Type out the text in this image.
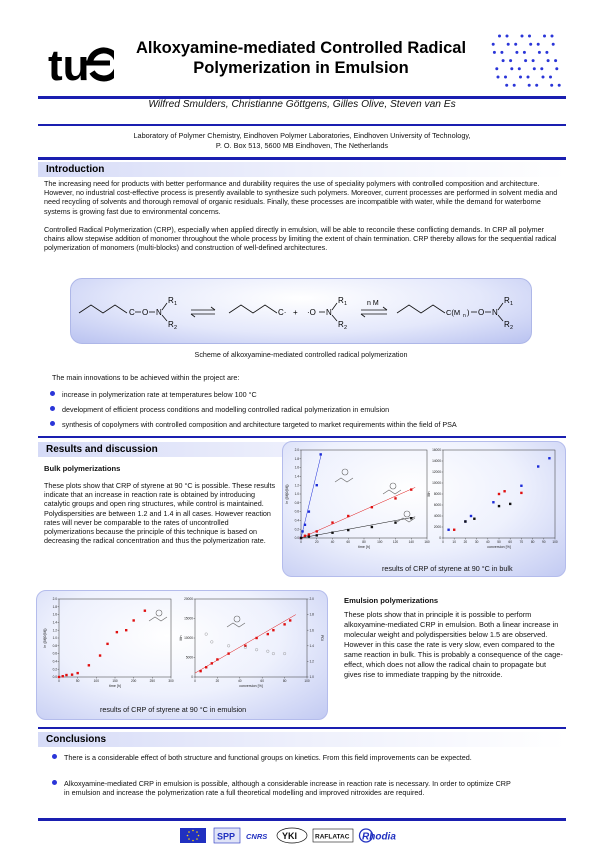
tu	Alkoxyamine-mediated Controlled Radical
Polymerization in Emulsion
Wilfred Smulders, Christianne Göttgens, Gilles Olive, Steven van Es
Laboratory of Polymer Chemistry, Eindhoven Polymer Laboratories, Eindhoven University of Technology,
P. O. Box 513, 5600 MB Eindhoven, The Netherlands
Introduction
The increasing need for products with better performance and durability requires the use of speciality polymers with controlled composition and architecture. However, no industrial cost-effective process is presently available to synthesize such polymers. Moreover, current processes are performed in solvent media and need recycling of solvents and thorough removal of organic residuals. Finally, these processes are incompatible with water, while the demand for waterborne systems is growing fast due to environmental concerns.
Controlled Radical Polymerization (CRP), especially when applied directly in emulsion, will be able to reconcile these conflicting demands. In CRP all polymer chains allow stepwise addition of monomer throughout the whole process by limiting the extent of chain termination. CRP thereby allows for the sequential radical polymerization of monomers (multi-blocks) and construction of well-defined architectures.
C O N
R 1
R 2
C· + ·O N
R 1
R 2
n M
C(M n ) O N
R 1
R 2
Scheme of alkoxyamine-mediated controlled radical polymerization
The main innovations to be achieved within the project are:
increase in polymerization rate at temperatures below 100 °C
development of efficient process conditions and modelling controlled radical polymerization in emulsion
synthesis of copolymers with controlled composition and architecture targeted to market requirements within the field of PSA
Results and discussion
Bulk polymerizations
These plots show that CRP of styrene at 90 °C is possible. These results indicate that an increase in reaction rate is obtained by introducing catalytic groups and open ring structures, while control is maintained. Polydispersities are between 1.2 and 1.4 in all cases. However reaction rates will never be comparable to the rates of uncontrolled polymerizations because the principle of this technique is based on decreasing the radical concentration and thus the polymerization rate.	0	20	40	60	80	100	120	140	160
0.0
0.2
0.4
0.6
0.8
1.0
1.2
1.4
1.6
1.8
2.0
time [h]
ln ([M]0/[M])
0	10 20 30 40 50 60 70 80 90 100
0
2000
4000
6000
8000
10000
12000
14000
16000
conversion [%]
Mn
results of CRP of styrene at 90 °C in bulk
0	50	100	150	200	250	300
0.0
0.2
0.4
0.6
0.8
1.0
1.2
1.4
1.6
1.8
2.0
time [h]
ln ([M]0/[M])
0	20	40	60	80	100
0
5000
10000
15000
20000
1.0
1.2
1.4
1.6
1.8
2.0
PDI
conversion [%]
Mn
results of CRP of styrene at 90 °C in emulsion
Emulsion polymerizations
These plots show that in principle it is possible to perform alkoxyamine-mediated CRP in emulsion. Both a linear increase in molecular weight and polydispersities below 1.5 are observed. However in this case the rate is very slow, even compared to the same reaction in bulk. This is probably a consequence of the cage-effect, which does not allow the radical chain to propagate but gives rise to immediate trapping by the nitroxide.
Conclusions
There is a considerable effect of both structure and functional groups on kinetics. From this field improvements can be expected.
Alkoxyamine-mediated CRP in emulsion is possible, although a considerable increase in reaction rate is necessary. In order to optimize CRP in emulsion and increase the polymerization rate a full theoretical modelling and improved nitroxides are required.
SPP CNRS YKI	RAFLATAC Rhodia
